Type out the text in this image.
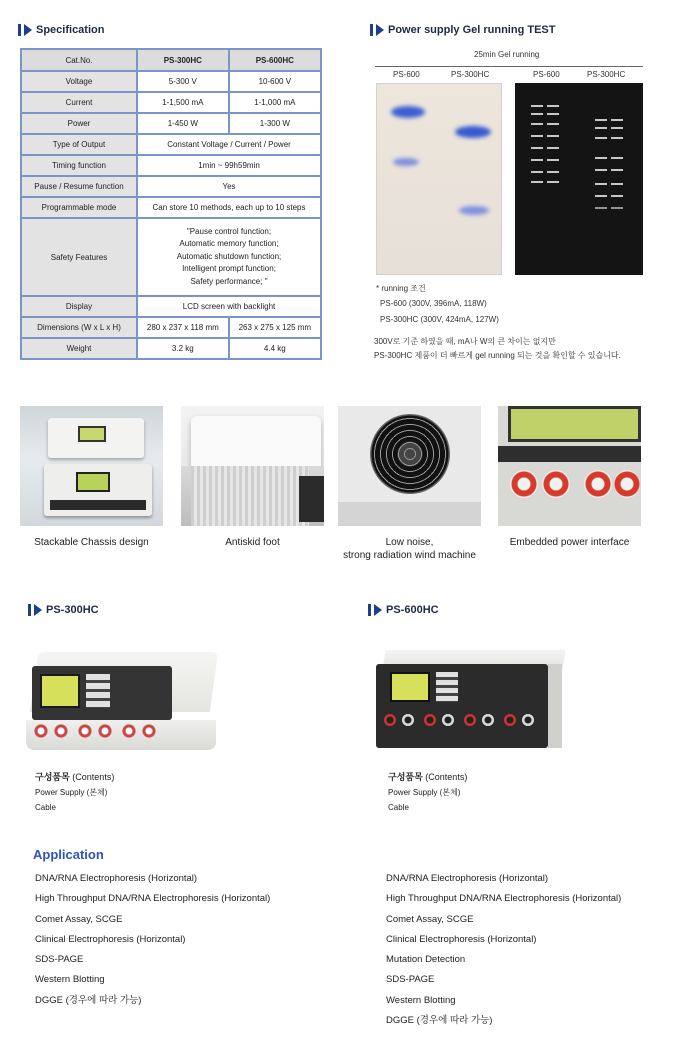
Specification
Cat.No.	PS-300HC	PS-600HC
Voltage	5-300 V	10-600 V
Current	1-1,500 mA	1-1,000 mA
Power	1-450 W	1-300 W
Type of Output	Constant Voltage / Current / Power	
Timing function	1min ~ 99h59min	
Pause / Resume function	Yes	
Programmable mode	Can store 10 methods, each up to 10 steps	
Safety Features	"Pause control function;
Automatic memory function;
Automatic shutdown function;
Intelligent prompt function;
Safety performance; "	

Display	LCD screen with backlight	
Dimensions (W x L x H)	280 x 237 x 118 mm	263 x 275 x 125 mm
Weight	3.2 kg	4.4 kg
Power supply Gel running TEST
25min Gel running
PS-600	PS-300HC	PS-600	PS-300HC
* running 조건
PS-600 (300V, 396mA, 118W)
PS-300HC (300V, 424mA, 127W)
300V로 기준 하였을 때, mA나 W의 큰 차이는 없지만
PS-300HC 제품이 더 빠르게 gel running 되는 것을 확인할 수 있습니다.
Stackable Chassis design	Antiskid foot	Low noise,
strong radiation wind machine
Embedded power interface
PS-300HC	PS-600HC
구성품목 (Contents)
Power Supply (본체)
Cable
구성품목 (Contents)
Power Supply (본체)
Cable
Application
DNA/RNA Electrophoresis (Horizontal)
High Throughput DNA/RNA Electrophoresis (Horizontal)
Comet Assay, SCGE
Clinical Electrophoresis (Horizontal)
SDS-PAGE
Western Blotting
DGGE (경우에 따라 가능)
DNA/RNA Electrophoresis (Horizontal)
High Throughput DNA/RNA Electrophoresis (Horizontal)
Comet Assay, SCGE
Clinical Electrophoresis (Horizontal)
Mutation Detection
SDS-PAGE
Western Blotting
DGGE (경우에 따라 가능)
